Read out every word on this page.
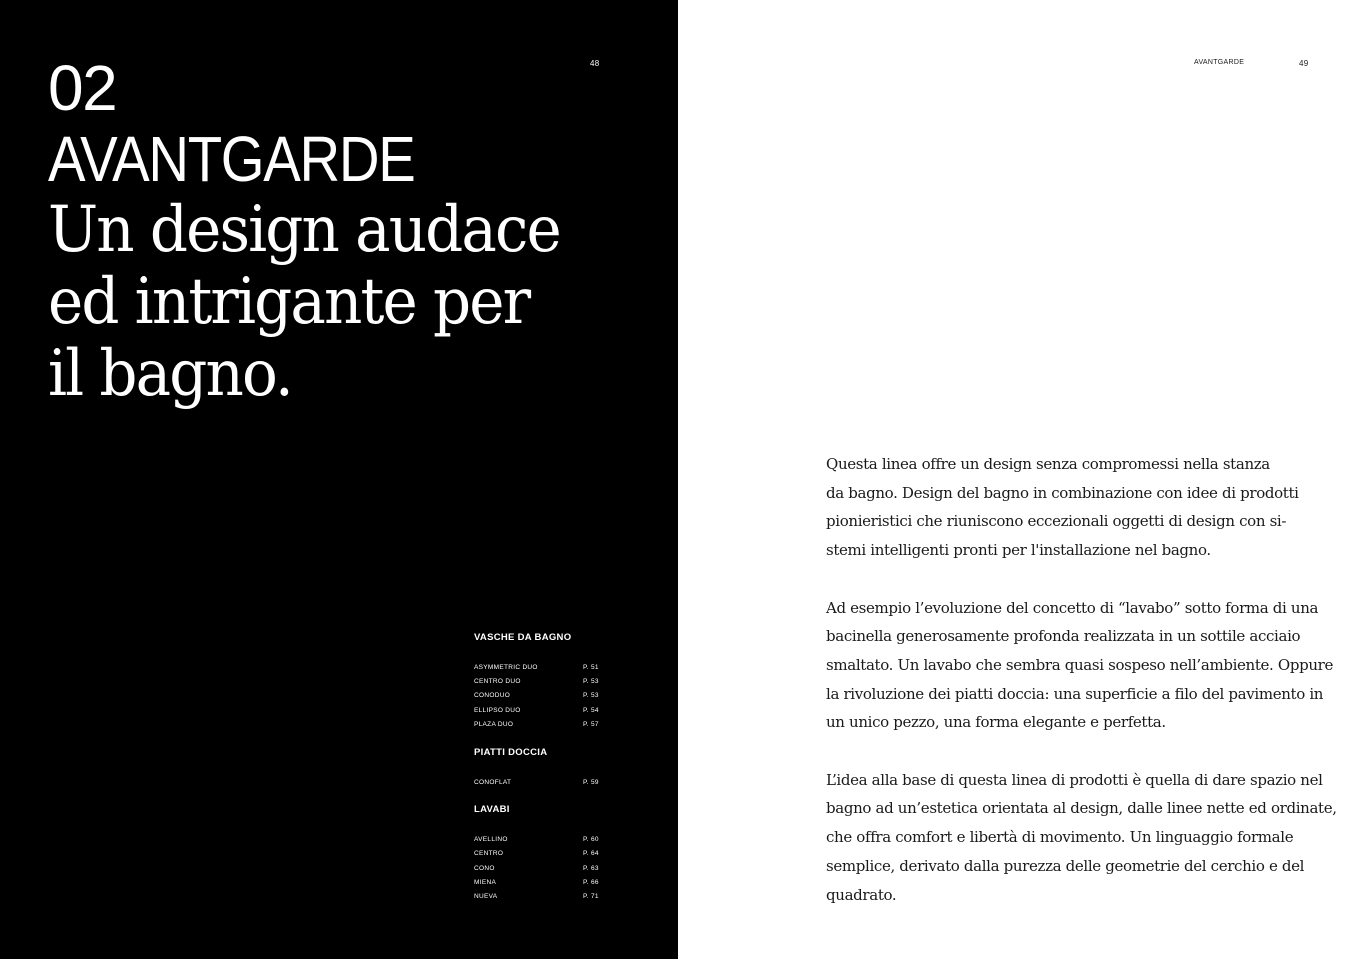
48
02
AVANTGARDE
Un design audace
ed intrigante per
il bagno.
VASCHE DA BAGNO
ASYMMETRIC DUO	P. 51
CENTRO DUO	P. 53
CONODUO	P. 53
ELLIPSO DUO	P. 54
PLAZA DUO	P. 57
PIATTI DOCCIA
CONOFLAT	P. 59
LAVABI
AVELLINO	P. 60
CENTRO	P. 64
CONO	P. 63
MIENA	P. 66
NUEVA	P. 71
AVANTGARDE	49

Questa linea offre un design senza compromessi nella stanza
da bagno. Design del bagno in combinazione con idee di prodotti
pionieristici che riuniscono eccezionali oggetti di design con si-
stemi intelligenti pronti per l'installazione nel bagno.

Ad esempio l’evoluzione del concetto di “lavabo” sotto forma di una
bacinella generosamente profonda realizzata in un sottile acciaio
smaltato. Un lavabo che sembra quasi sospeso nell’ambiente. Oppure
la rivoluzione dei piatti doccia: una superficie a filo del pavimento in
un unico pezzo, una forma elegante e perfetta.

L’idea alla base di questa linea di prodotti è quella di dare spazio nel
bagno ad un’estetica orientata al design, dalle linee nette ed ordinate,
che offra comfort e libertà di movimento. Un linguaggio formale
semplice, derivato dalla purezza delle geometrie del cerchio e del
quadrato.
